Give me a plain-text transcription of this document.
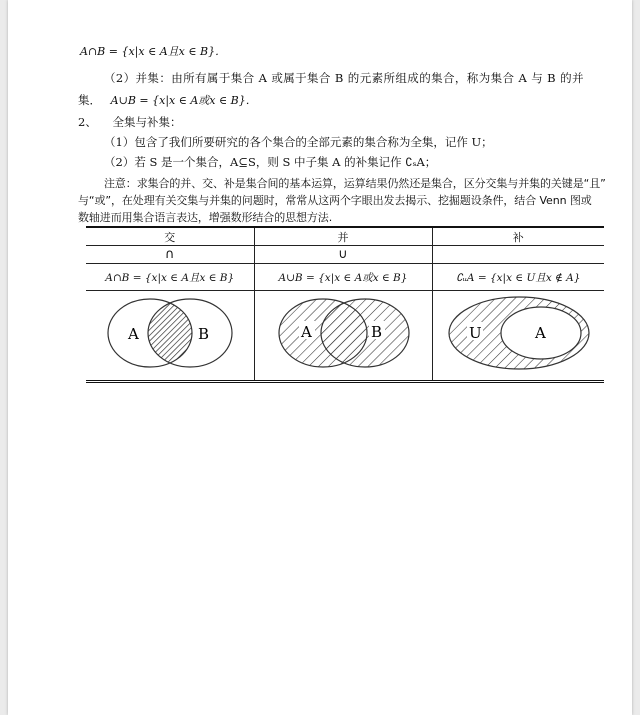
A∩B = {x|x ∈ A且x ∈ B}．
（2）并集：由所有属于集合 A 或属于集合 B 的元素所组成的集合，称为集合 A 与 B 的并
集． A∪B = {x|x ∈ A或x ∈ B}．
2、 全集与补集：
（1）包含了我们所要研究的各个集合的全部元素的集合称为全集，记作 U；
（2）若 S 是一个集合，A⊆S，则 S 中子集 A 的补集记作 ∁ₛA；
注意：求集合的并、交、补是集合间的基本运算，运算结果仍然还是集合，区分交集与并集的关键是“且”
与“或”，在处理有关交集与并集的问题时，常常从这两个字眼出发去揭示、挖掘题设条件，结合 Venn 图或
数轴进而用集合语言表达，增强数形结合的思想方法.
交	并	补
∩	∪	
A∩B = {x|x ∈ A且x ∈ B}	A∪B = {x|x ∈ A或x ∈ B}	∁ᵤA = {x|x ∈ U且x ∉ A}

A B	A B	U A
